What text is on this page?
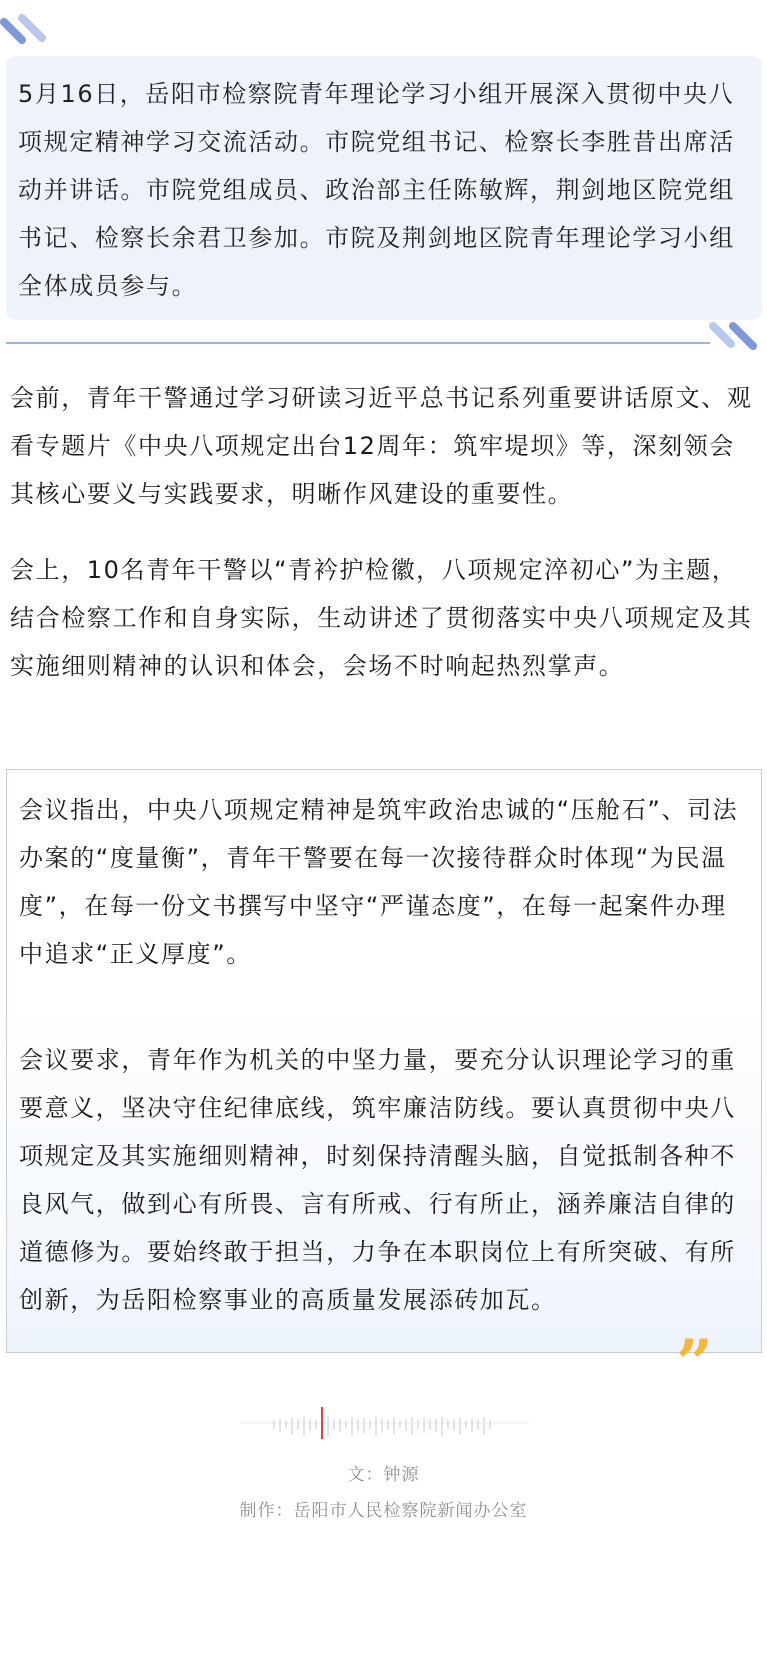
5月16日，岳阳市检察院青年理论学习小组开展深入贯彻中央八项规定精神学习交流活动。市院党组书记、检察长李胜昔出席活动并讲话。市院党组成员、政治部主任陈敏辉，荆剑地区院党组书记、检察长余君卫参加。市院及荆剑地区院青年理论学习小组全体成员参与。

会前，青年干警通过学习研读习近平总书记系列重要讲话原文、观看专题片《中央八项规定出台12周年：筑牢堤坝》等，深刻领会其核心要义与实践要求，明晰作风建设的重要性。

会上，10名青年干警以“青衿护检徽，八项规定淬初心”为主题，结合检察工作和自身实际，生动讲述了贯彻落实中央八项规定及其实施细则精神的认识和体会，会场不时响起热烈掌声。

会议指出，中央八项规定精神是筑牢政治忠诚的“压舱石”、司法办案的“度量衡”，青年干警要在每一次接待群众时体现“为民温度”，在每一份文书撰写中坚守“严谨态度”，在每一起案件办理中追求“正义厚度”。

会议要求，青年作为机关的中坚力量，要充分认识理论学习的重要意义，坚决守住纪律底线，筑牢廉洁防线。要认真贯彻中央八项规定及其实施细则精神，时刻保持清醒头脑，自觉抵制各种不良风气，做到心有所畏、言有所戒、行有所止，涵养廉洁自律的道德修为。要始终敢于担当，力争在本职岗位上有所突破、有所创新，为岳阳检察事业的高质量发展添砖加瓦。

”
文：钟源
制作：岳阳市人民检察院新闻办公室
